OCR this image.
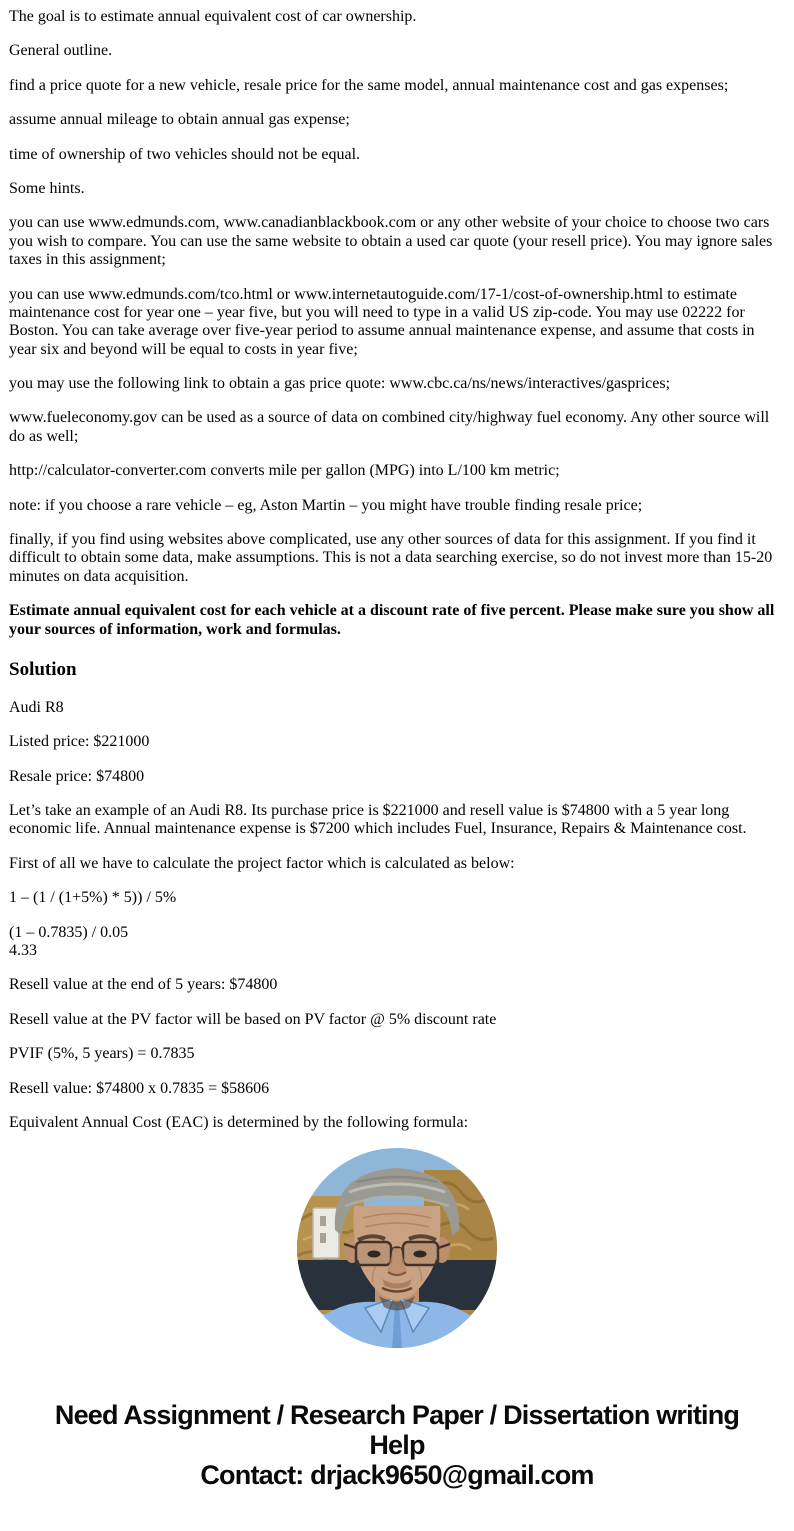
The goal is to estimate annual equivalent cost of car ownership.

General outline.

find a price quote for a new vehicle, resale price for the same model, annual maintenance cost and gas expenses;

assume annual mileage to obtain annual gas expense;

time of ownership of two vehicles should not be equal.

Some hints.

you can use www.edmunds.com, www.canadianblackbook.com or any other website of your choice to choose two cars you wish to compare. You can use the same website to obtain a used car quote (your resell price). You may ignore sales taxes in this assignment;

you can use www.edmunds.com/tco.html or www.internetautoguide.com/17-1/cost-of-ownership.html to estimate maintenance cost for year one – year five, but you will need to type in a valid US zip-code. You may use 02222 for Boston. You can take average over five-year period to assume annual maintenance expense, and assume that costs in year six and beyond will be equal to costs in year five;

you may use the following link to obtain a gas price quote: www.cbc.ca/ns/news/interactives/gasprices;

www.fueleconomy.gov can be used as a source of data on combined city/highway fuel economy. Any other source will do as well;

http://calculator-converter.com converts mile per gallon (MPG) into L/100 km metric;

note: if you choose a rare vehicle – eg, Aston Martin – you might have trouble finding resale price;

finally, if you find using websites above complicated, use any other sources of data for this assignment. If you find it difficult to obtain some data, make assumptions. This is not a data searching exercise, so do not invest more than 15-20 minutes on data acquisition.

Estimate annual equivalent cost for each vehicle at a discount rate of five percent. Please make sure you show all your sources of information, work and formulas.

Solution

Audi R8

Listed price: $221000

Resale price: $74800

Let’s take an example of an Audi R8. Its purchase price is $221000 and resell value is $74800 with a 5 year long economic life. Annual maintenance expense is $7200 which includes Fuel, Insurance, Repairs & Maintenance cost.

First of all we have to calculate the project factor which is calculated as below:

1 – (1 / (1+5%) * 5)) / 5%

(1 – 0.7835) / 0.05
4.33

Resell value at the end of 5 years: $74800

Resell value at the PV factor will be based on PV factor @ 5% discount rate

PVIF (5%, 5 years) = 0.7835

Resell value: $74800 x 0.7835 = $58606

Equivalent Annual Cost (EAC) is determined by the following formula:

Need Assignment / Research Paper / Dissertation writing Help
Contact: drjack9650@gmail.com
